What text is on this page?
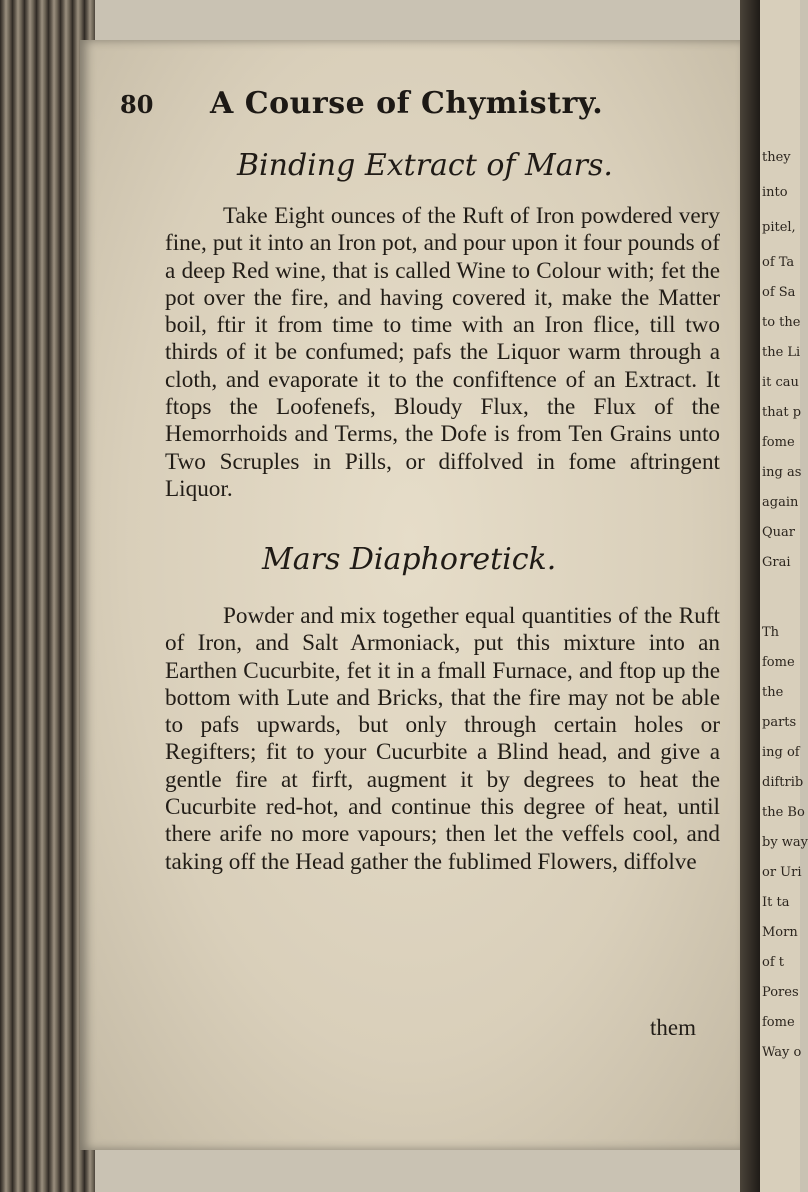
they
into
pitel,
of Ta
of Sa
to the
the Li
it cau
that p
fome
ing as
again
Quar
Grai
Th
fome
the
parts
ing of
diftrib
the Bo
by way
or Uri
It ta
Morn
of t
Pores
fome
Way o
80 A Course of Chymistry.
Binding Extract of Mars.

Take Eight ounces of the Ruft of Iron powdered very fine, put it into an Iron pot, and pour upon it four pounds of a deep Red wine, that is called Wine to Colour with; fet the pot over the fire, and having covered it, make the Matter boil, ftir it from time to time with an Iron flice, till two thirds of it be confumed; pafs the Liquor warm through a cloth, and evaporate it to the confiftence of an Extract. It ftops the Loofenefs, Bloudy Flux, the Flux of the Hemorrhoids and Terms, the Dofe is from Ten Grains unto Two Scruples in Pills, or diffolved in fome aftringent Liquor.

Mars Diaphoretick.

Powder and mix together equal quantities of the Ruft of Iron, and Salt Armoniack, put this mixture into an Earthen Cucurbite, fet it in a fmall Furnace, and ftop up the bottom with Lute and Bricks, that the fire may not be able to pafs upwards, but only through certain holes or Regifters; fit to your Cucurbite a Blind head, and give a gentle fire at firft, augment it by degrees to heat the Cucurbite red-hot, and continue this degree of heat, until there arife no more vapours; then let the veffels cool, and taking off the Head gather the fublimed Flowers, diffolve

them
